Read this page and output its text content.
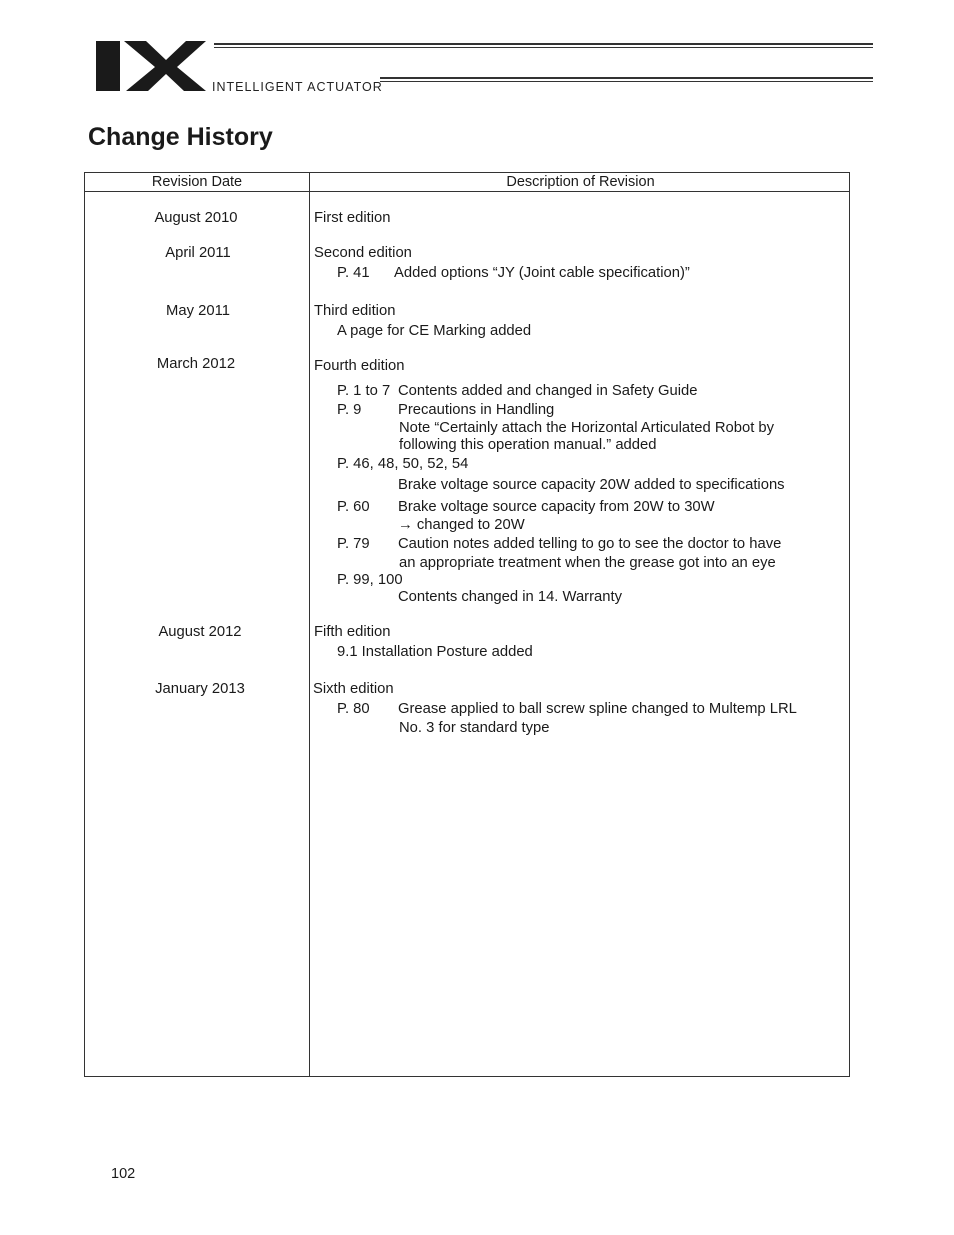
INTELLIGENT ACTUATOR
Change History
Revision Date	Description of Revision
August 2010	First edition
April 2011	Second edition
P. 41 Added options “JY (Joint cable specification)”
May 2011	Third edition
A page for CE Marking added
March 2012	Fourth edition
P. 1 to 7 Contents added and changed in Safety Guide
P. 9 Precautions in Handling
Note “Certainly attach the Horizontal Articulated Robot by
following this operation manual.” added
P. 46, 48, 50, 52, 54
Brake voltage source capacity 20W added to specifications
P. 60 Brake voltage source capacity from 20W to 30W
→ changed to 20W
P. 79 Caution notes added telling to go to see the doctor to have
an appropriate treatment when the grease got into an eye
P. 99, 100
Contents changed in 14. Warranty
August 2012	Fifth edition
9.1 Installation Posture added
January 2013	Sixth edition
P. 80 Grease applied to ball screw spline changed to Multemp LRL
No. 3 for standard type
102
